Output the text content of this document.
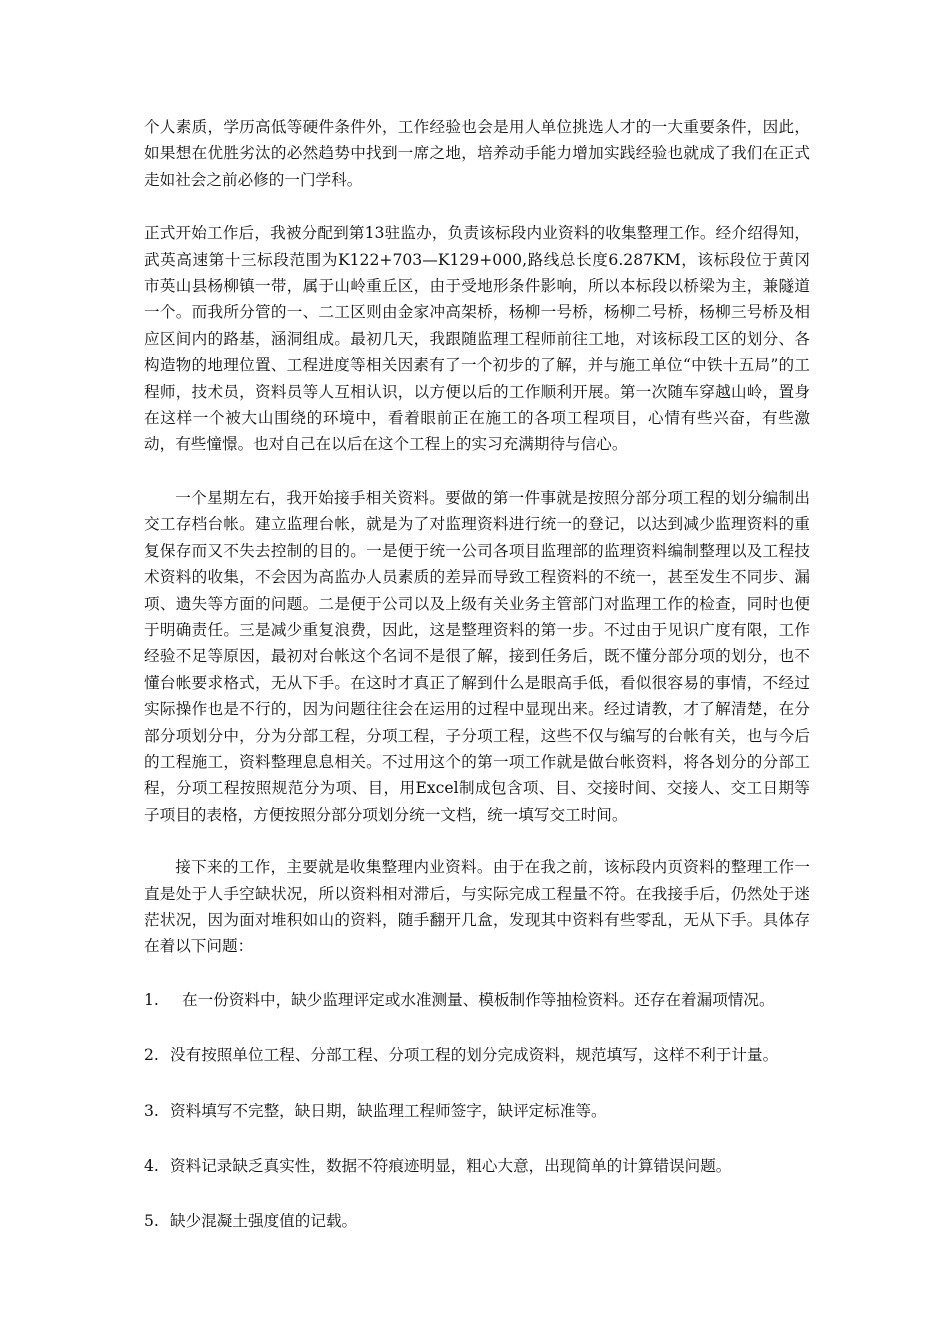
个人素质，学历高低等硬件条件外，工作经验也会是用人单位挑选人才的一大重要条件，因此，如果想在优胜劣汰的必然趋势中找到一席之地，培养动手能力增加实践经验也就成了我们在正式走如社会之前必修的一门学科。

正式开始工作后，我被分配到第13驻监办，负责该标段内业资料的收集整理工作。经介绍得知，武英高速第十三标段范围为K122+703—K129+000,路线总长度6.287KM，该标段位于黄冈市英山县杨柳镇一带，属于山岭重丘区，由于受地形条件影响，所以本标段以桥梁为主，兼隧道一个。而我所分管的一、二工区则由金家冲高架桥，杨柳一号桥，杨柳二号桥，杨柳三号桥及相应区间内的路基，涵洞组成。最初几天，我跟随监理工程师前往工地，对该标段工区的划分、各构造物的地理位置、工程进度等相关因素有了一个初步的了解，并与施工单位“中铁十五局”的工程师，技术员，资料员等人互相认识，以方便以后的工作顺利开展。第一次随车穿越山岭，置身在这样一个被大山围绕的环境中，看着眼前正在施工的各项工程项目，心情有些兴奋，有些激动，有些憧憬。也对自己在以后在这个工程上的实习充满期待与信心。

一个星期左右，我开始接手相关资料。要做的第一件事就是按照分部分项工程的划分编制出交工存档台帐。建立监理台帐，就是为了对监理资料进行统一的登记，以达到减少监理资料的重复保存而又不失去控制的目的。一是便于统一公司各项目监理部的监理资料编制整理以及工程技术资料的收集，不会因为高监办人员素质的差异而导致工程资料的不统一，甚至发生不同步、漏项、遗失等方面的问题。二是便于公司以及上级有关业务主管部门对监理工作的检查，同时也便于明确责任。三是减少重复浪费，因此，这是整理资料的第一步。不过由于见识广度有限，工作经验不足等原因，最初对台帐这个名词不是很了解，接到任务后，既不懂分部分项的划分，也不懂台帐要求格式，无从下手。在这时才真正了解到什么是眼高手低，看似很容易的事情，不经过实际操作也是不行的，因为问题往往会在运用的过程中显现出来。经过请教，才了解清楚，在分部分项划分中，分为分部工程，分项工程，子分项工程，这些不仅与编写的台帐有关，也与今后的工程施工，资料整理息息相关。不过用这个的第一项工作就是做台帐资料，将各划分的分部工程，分项工程按照规范分为项、目，用Excel制成包含项、目、交接时间、交接人、交工日期等子项目的表格，方便按照分部分项划分统一文档，统一填写交工时间。

接下来的工作，主要就是收集整理内业资料。由于在我之前，该标段内页资料的整理工作一直是处于人手空缺状况，所以资料相对滞后，与实际完成工程量不符。在我接手后，仍然处于迷茫状况，因为面对堆积如山的资料，随手翻开几盒，发现其中资料有些零乱，无从下手。具体存在着以下问题：

1.	在一份资料中，缺少监理评定或水准测量、模板制作等抽检资料。还存在着漏项情况。
2. 没有按照单位工程、分部工程、分项工程的划分完成资料，规范填写，这样不利于计量。
3. 资料填写不完整，缺日期，缺监理工程师签字，缺评定标准等。
4. 资料记录缺乏真实性，数据不符痕迹明显，粗心大意，出现简单的计算错误问题。
5. 缺少混凝土强度值的记载。
